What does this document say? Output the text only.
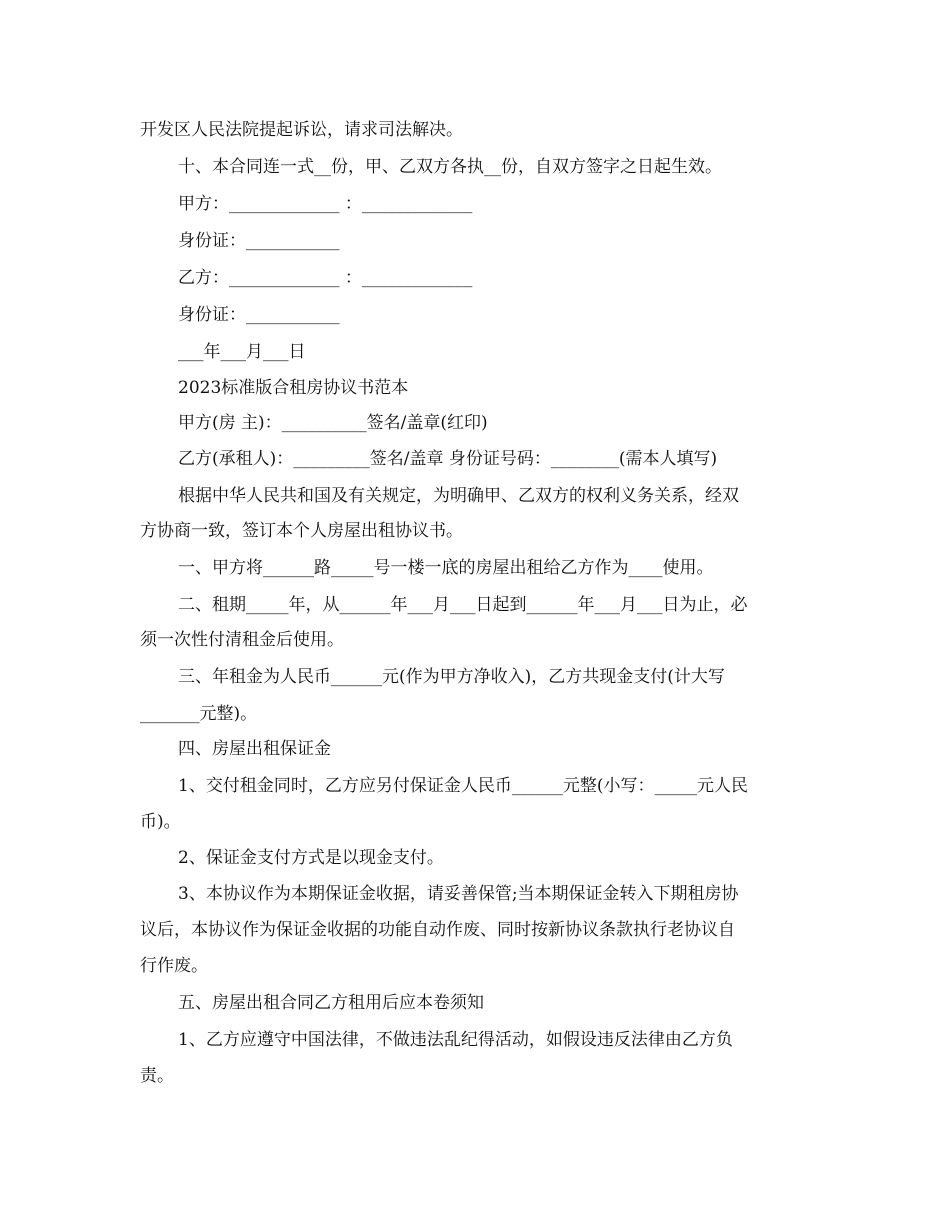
开发区人民法院提起诉讼，请求司法解决。
十、本合同连一式__份，甲、乙双方各执__份，自双方签字之日起生效。
甲方：_____________ ：_____________
身份证：___________
乙方：_____________ ：_____________
身份证：___________
___年___月___日
2023标准版合租房协议书范本
甲方(房 主)：__________签名/盖章(红印)
乙方(承租人)：_________签名/盖章 身份证号码：________(需本人填写)
根据中华人民共和国及有关规定，为明确甲、乙双方的权利义务关系，经双
方协商一致，签订本个人房屋出租协议书。
一、甲方将______路_____号一楼一底的房屋出租给乙方作为____使用。
二、租期_____年，从______年___月___日起到______年___月___日为止，必
须一次性付清租金后使用。
三、年租金为人民币______元(作为甲方净收入)，乙方共现金支付(计大写
_______元整)。
四、房屋出租保证金
1、交付租金同时，乙方应另付保证金人民币______元整(小写：_____元人民
币)。
2、保证金支付方式是以现金支付。
3、本协议作为本期保证金收据，请妥善保管;当本期保证金转入下期租房协
议后，本协议作为保证金收据的功能自动作废、同时按新协议条款执行老协议自
行作废。
五、房屋出租合同乙方租用后应本卷须知
1、乙方应遵守中国法律，不做违法乱纪得活动，如假设违反法律由乙方负
责。
